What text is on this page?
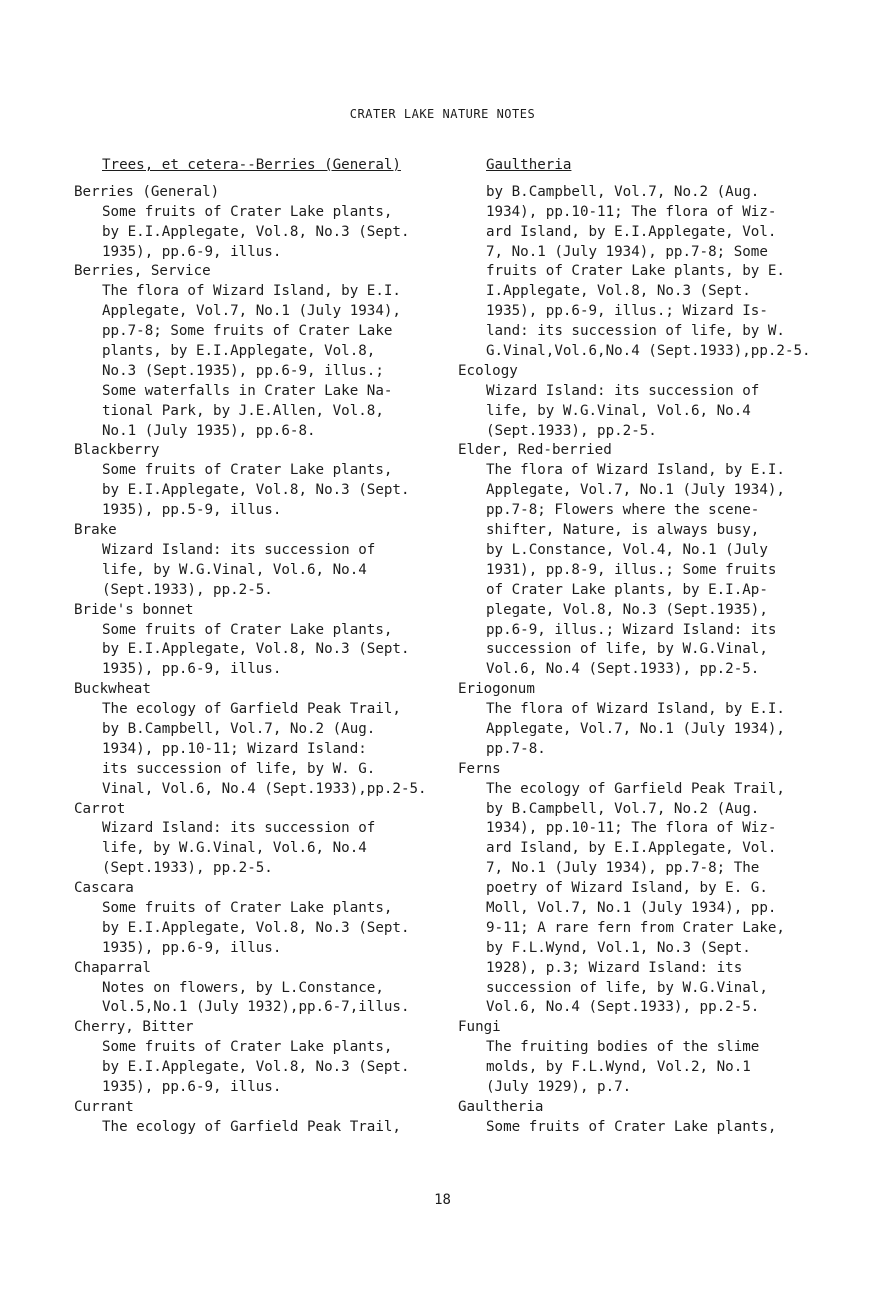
CRATER LAKE NATURE NOTES
Trees, et cetera--Berries (General)
Berries (General)
Some fruits of Crater Lake plants,
by E.I.Applegate, Vol.8, No.3 (Sept.
1935), pp.6-9, illus.
Berries, Service
The flora of Wizard Island, by E.I.
Applegate, Vol.7, No.1 (July 1934),
pp.7-8; Some fruits of Crater Lake
plants, by E.I.Applegate, Vol.8,
No.3 (Sept.1935), pp.6-9, illus.;
Some waterfalls in Crater Lake Na-
tional Park, by J.E.Allen, Vol.8,
No.1 (July 1935), pp.6-8.
Blackberry
Some fruits of Crater Lake plants,
by E.I.Applegate, Vol.8, No.3 (Sept.
1935), pp.5-9, illus.
Brake
Wizard Island: its succession of
life, by W.G.Vinal, Vol.6, No.4
(Sept.1933), pp.2-5.
Bride's bonnet
Some fruits of Crater Lake plants,
by E.I.Applegate, Vol.8, No.3 (Sept.
1935), pp.6-9, illus.
Buckwheat
The ecology of Garfield Peak Trail,
by B.Campbell, Vol.7, No.2 (Aug.
1934), pp.10-11; Wizard Island:
its succession of life, by W. G.
Vinal, Vol.6, No.4 (Sept.1933),pp.2-5.
Carrot
Wizard Island: its succession of
life, by W.G.Vinal, Vol.6, No.4
(Sept.1933), pp.2-5.
Cascara
Some fruits of Crater Lake plants,
by E.I.Applegate, Vol.8, No.3 (Sept.
1935), pp.6-9, illus.
Chaparral
Notes on flowers, by L.Constance,
Vol.5,No.1 (July 1932),pp.6-7,illus.
Cherry, Bitter
Some fruits of Crater Lake plants,
by E.I.Applegate, Vol.8, No.3 (Sept.
1935), pp.6-9, illus.
Currant
The ecology of Garfield Peak Trail,
Gaultheria
by B.Campbell, Vol.7, No.2 (Aug.
1934), pp.10-11; The flora of Wiz-
ard Island, by E.I.Applegate, Vol.
7, No.1 (July 1934), pp.7-8; Some
fruits of Crater Lake plants, by E.
I.Applegate, Vol.8, No.3 (Sept.
1935), pp.6-9, illus.; Wizard Is-
land: its succession of life, by W.
G.Vinal,Vol.6,No.4 (Sept.1933),pp.2-5.
Ecology
Wizard Island: its succession of
life, by W.G.Vinal, Vol.6, No.4
(Sept.1933), pp.2-5.
Elder, Red-berried
The flora of Wizard Island, by E.I.
Applegate, Vol.7, No.1 (July 1934),
pp.7-8; Flowers where the scene-
shifter, Nature, is always busy,
by L.Constance, Vol.4, No.1 (July
1931), pp.8-9, illus.; Some fruits
of Crater Lake plants, by E.I.Ap-
plegate, Vol.8, No.3 (Sept.1935),
pp.6-9, illus.; Wizard Island: its
succession of life, by W.G.Vinal,
Vol.6, No.4 (Sept.1933), pp.2-5.
Eriogonum
The flora of Wizard Island, by E.I.
Applegate, Vol.7, No.1 (July 1934),
pp.7-8.
Ferns
The ecology of Garfield Peak Trail,
by B.Campbell, Vol.7, No.2 (Aug.
1934), pp.10-11; The flora of Wiz-
ard Island, by E.I.Applegate, Vol.
7, No.1 (July 1934), pp.7-8; The
poetry of Wizard Island, by E. G.
Moll, Vol.7, No.1 (July 1934), pp.
9-11; A rare fern from Crater Lake,
by F.L.Wynd, Vol.1, No.3 (Sept.
1928), p.3; Wizard Island: its
succession of life, by W.G.Vinal,
Vol.6, No.4 (Sept.1933), pp.2-5.
Fungi
The fruiting bodies of the slime
molds, by F.L.Wynd, Vol.2, No.1
(July 1929), p.7.
Gaultheria
Some fruits of Crater Lake plants,
18
